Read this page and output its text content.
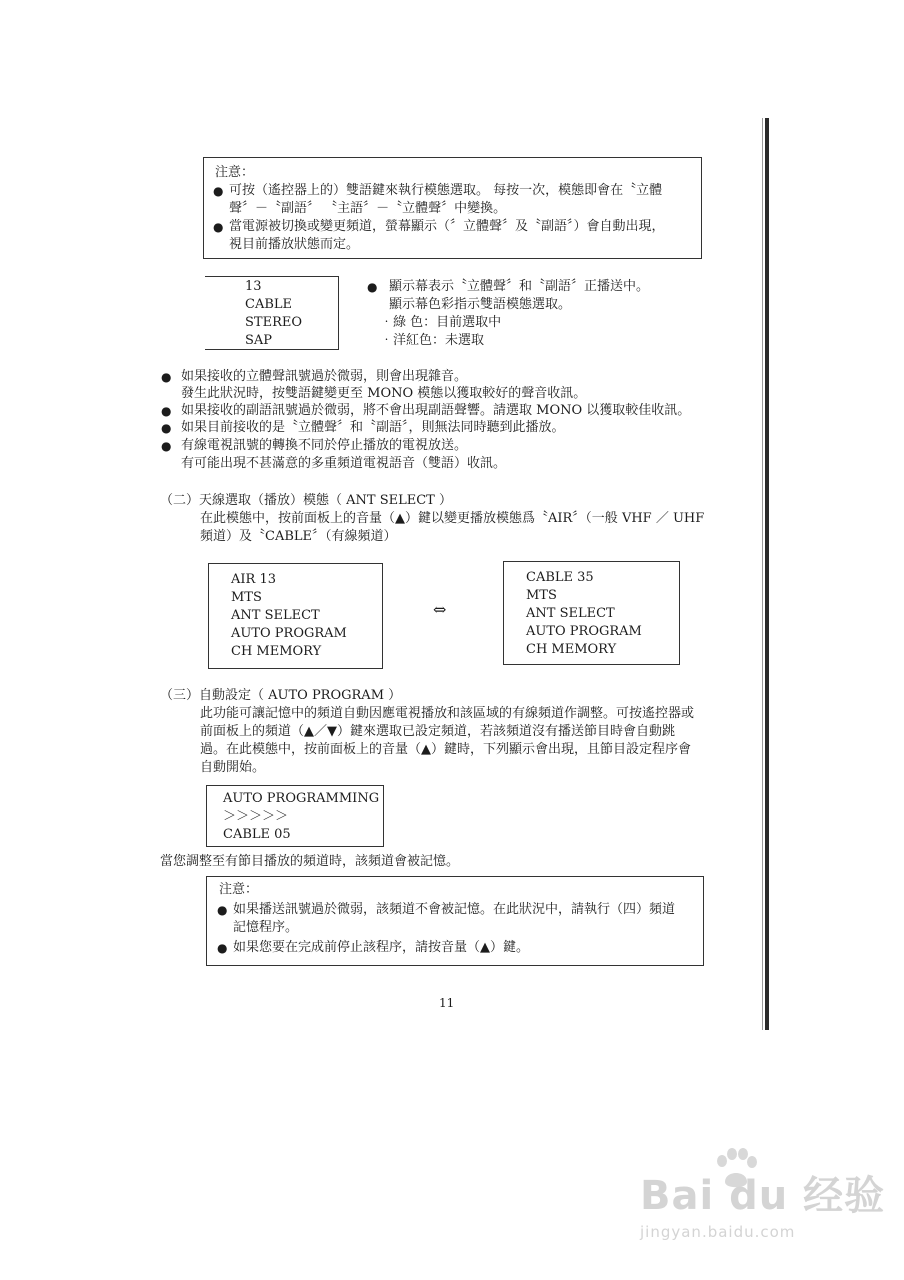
注意：
● 可按（遙控器上的）雙語鍵來執行模態選取。 每按一次，模態即會在〝立體
聲〞－〝副語〞 〝主語〞－〝立體聲〞中變換。
● 當電源被切換或變更頻道，螢幕顯示（〞立體聲〞及〝副語〞）會自動出現，
視目前播放狀態而定。
13
CABLE
STEREO
SAP
● 顯示幕表示〝立體聲〞和〝副語〞正播送中。
顯示幕色彩指示雙語模態選取。
‧綠 色：目前選取中
‧洋紅色：未選取
● 如果接收的立體聲訊號過於微弱，則會出現雜音。
發生此狀況時，按雙語鍵變更至 MONO 模態以獲取較好的聲音收訊。
● 如果接收的副語訊號過於微弱，將不會出現副語聲響。請選取 MONO 以獲取較佳收訊。
● 如果目前接收的是〝立體聲〞和〝副語〞，則無法同時聽到此播放。
● 有線電視訊號的轉換不同於停止播放的電視放送。
有可能出現不甚滿意的多重頻道電視語音（雙語）收訊。
（二）天線選取（播放）模態（ ANT SELECT ）
在此模態中，按前面板上的音量（▲）鍵以變更播放模態爲〝AIR〞（一般 VHF ／ UHF
頻道）及〝CABLE〞（有線頻道）
AIR 13
MTS
ANT SELECT
AUTO PROGRAM
CH MEMORY
⇔
CABLE 35
MTS
ANT SELECT
AUTO PROGRAM
CH MEMORY
（三）自動設定（ AUTO PROGRAM ）
此功能可讓記憶中的頻道自動因應電視播放和該區域的有線頻道作調整。可按遙控器或
前面板上的頻道（▲／▼）鍵來選取已設定頻道，若該頻道沒有播送節目時會自動跳
過。在此模態中，按前面板上的音量（▲）鍵時，下列顯示會出現，且節目設定程序會
自動開始。
AUTO PROGRAMMING
＞＞＞＞＞
CABLE 05
當您調整至有節目播放的頻道時，該頻道會被記憶。
注意：
● 如果播送訊號過於微弱，該頻道不會被記憶。在此狀況中，請執行（四）頻道
記憶程序。
● 如果您要在完成前停止該程序，請按音量（▲）鍵。
11
Bai du 经验
jingyan.baidu.com
